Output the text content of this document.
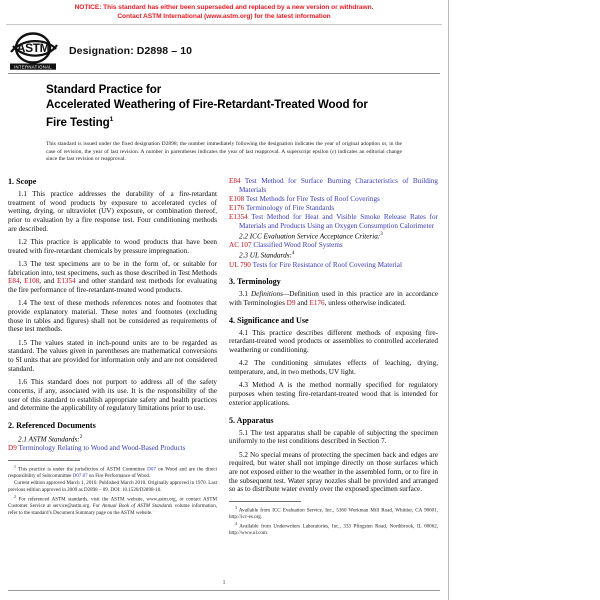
NOTICE: This standard has either been superseded and replaced by a new version or withdrawn.
Contact ASTM International (www.astm.org) for the latest information
ASTM
INTERNATIONAL
Designation: D2898 – 10
Standard Practice for
Accelerated Weathering of Fire-Retardant-Treated Wood for
Fire Testing$^1$
This standard is issued under the fixed designation D2898; the number immediately following the designation indicates the year of original adoption or, in the case of revision, the year of last revision. A number in parentheses indicates the year of last reapproval. A superscript epsilon (ε) indicates an editorial change since the last revision or reapproval.
1. Scope

1.1 This practice addresses the durability of a fire-retardant treatment of wood products by exposure to accelerated cycles of wetting, drying, or ultraviolet (UV) exposure, or combination thereof, prior to evaluation by a fire response test. Four conditioning methods are described.

1.2 This practice is applicable to wood products that have been treated with fire-retardant chemicals by pressure impregnation.

1.3 The test specimens are to be in the form of, or suitable for fabrication into, test specimens, such as those described in Test Methods E84, E108, and E1354 and other standard test methods for evaluating the fire performance of fire-retardant-treated wood products.

1.4 The text of these methods references notes and footnotes that provide explanatory material. These notes and footnotes (excluding those in tables and figures) shall not be considered as requirements of these test methods.

1.5 The values stated in inch-pound units are to be regarded as standard. The values given in parentheses are mathematical conversions to SI units that are provided for information only and are not considered standard.

1.6 This standard does not purport to address all of the safety concerns, if any, associated with its use. It is the responsibility of the user of this standard to establish appropriate safety and health practices and determine the applicability of regulatory limitations prior to use.

2. Referenced Documents
2.1 ASTM Standards:$^2$
D9 Terminology Relating to Wood and Wood-Based Products

$^1$ This practice is under the jurisdiction of ASTM Committee D07 on Wood and are the direct responsibility of Subcommittee D07.07 on Fire Performance of Wood.

Current edition approved March 1, 2010. Published March 2010. Originally approved in 1970. Last previous edition approved in 2009 as D2898 – 09. DOI: 10.1520/D2898-10.

$^2$ For referenced ASTM standards, visit the ASTM website, www.astm.org, or contact ASTM Customer Service at service@astm.org. For Annual Book of ASTM Standards volume information, refer to the standard’s Document Summary page on the ASTM website.

E84 Test Method for Surface Burning Characteristics of Building Materials
E108 Test Methods for Fire Tests of Roof Coverings
E176 Terminology of Fire Standards
E1354 Test Method for Heat and Visible Smoke Release Rates for Materials and Products Using an Oxygen Consumption Calorimeter
2.2 ICC Evaluation Service Acceptance Criteria:$^3$
AC 107 Classified Wood Roof Systems
2.3 UL Standards:$^4$
UL 790 Tests for Fire Resistance of Roof Covering Material
3. Terminology

3.1 Definitions—Definition used in this practice are in accordance with Terminologies D9 and E176, unless otherwise indicated.

4. Significance and Use

4.1 This practice describes different methods of exposing fire-retardant-treated wood products or assemblies to controlled accelerated weathering or conditioning.

4.2 The conditioning simulates effects of leaching, drying, temperature, and, in two methods, UV light.

4.3 Method A is the method normally specified for regulatory purposes when testing fire-retardant-treated wood that is intended for exterior applications.

5. Apparatus

5.1 The test apparatus shall be capable of subjecting the specimen uniformly to the test conditions described in Section 7.

5.2 No special means of protecting the specimen back and edges are required, but water shall not impinge directly on those surfaces which are not exposed either to the weather in the assembled form, or to fire in the subsequent test. Water spray nozzles shall be provided and arranged so as to distribute water evenly over the exposed specimen surface.

$^3$ Available from ICC Evaluation Service, Inc., 5360 Workman Mill Road, Whittier, CA 90601, http://icc-es.org.

$^4$ Available from Underwriters Laboratories, Inc., 333 Pfingsten Road, Northbrook, IL 60062, http://www.ul.com.

1
